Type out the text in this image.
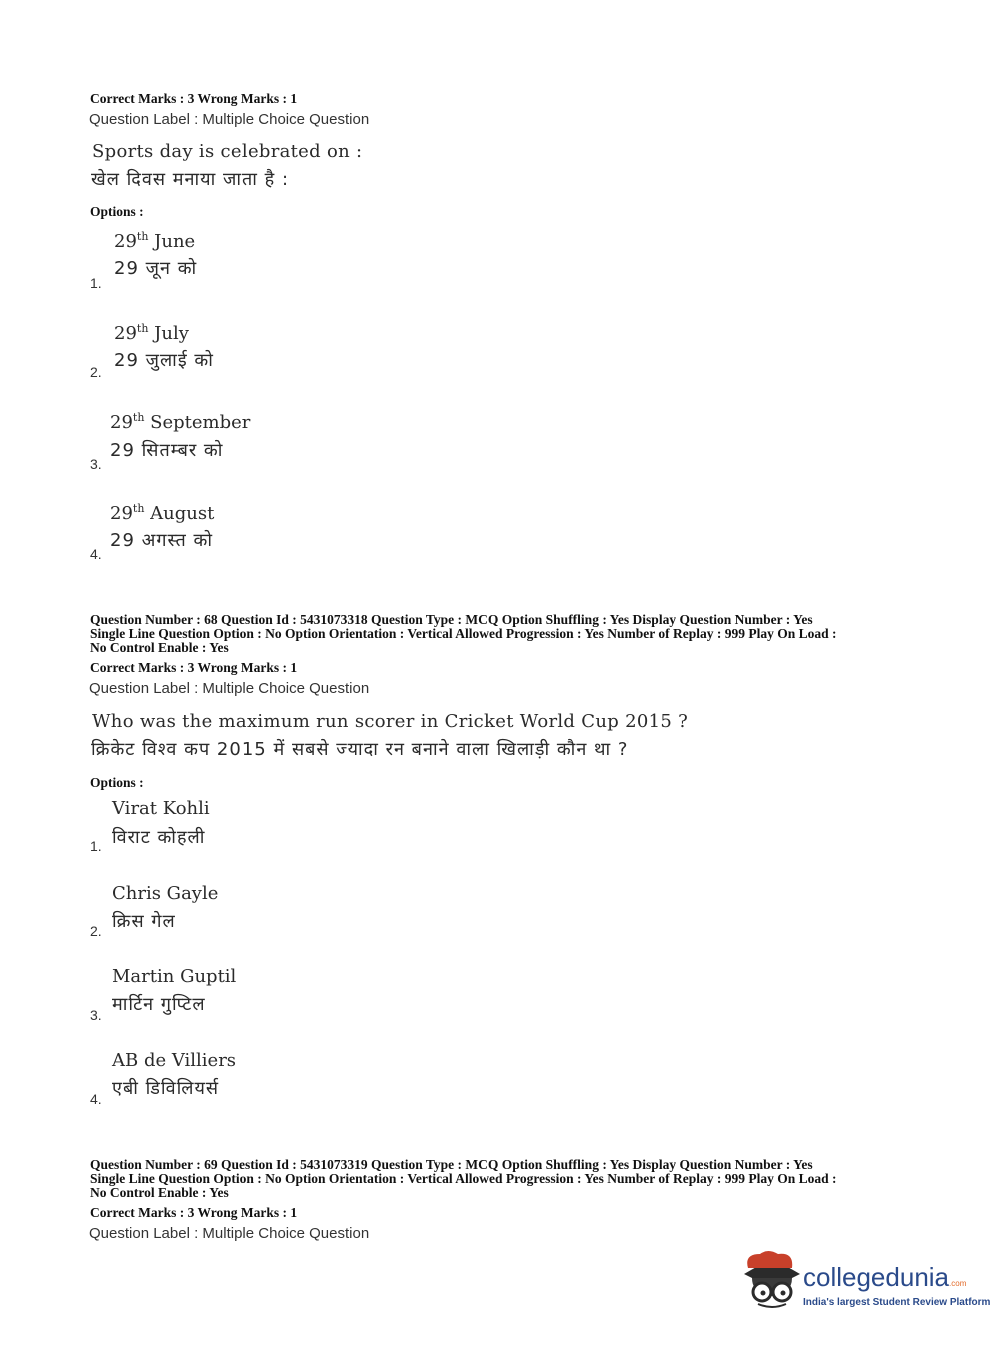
Correct Marks : 3 Wrong Marks : 1
Question Label : Multiple Choice Question
Sports day is celebrated on :
खेल दिवस मनाया जाता है :
Options :
29th June
29 जून को
1.
29th July
29 जुलाई को
2.
29th September
29 सितम्बर को
3.
29th August
29 अगस्त को
4.
Question Number : 68 Question Id : 5431073318 Question Type : MCQ Option Shuffling : Yes Display Question Number : Yes
Single Line Question Option : No Option Orientation : Vertical Allowed Progression : Yes Number of Replay : 999 Play On Load :
No Control Enable : Yes
Correct Marks : 3 Wrong Marks : 1
Question Label : Multiple Choice Question
Who was the maximum run scorer in Cricket World Cup 2015 ?
क्रिकेट विश्व कप 2015 में सबसे ज्यादा रन बनाने वाला खिलाड़ी कौन था ?
Options :
Virat Kohli
विराट कोहली
1.
Chris Gayle
क्रिस गेल
2.
Martin Guptil
मार्टिन गुप्टिल
3.
AB de Villiers
एबी डिविलियर्स
4.
Question Number : 69 Question Id : 5431073319 Question Type : MCQ Option Shuffling : Yes Display Question Number : Yes
Single Line Question Option : No Option Orientation : Vertical Allowed Progression : Yes Number of Replay : 999 Play On Load :
No Control Enable : Yes
Correct Marks : 3 Wrong Marks : 1
Question Label : Multiple Choice Question
collegedunia.com
India's largest Student Review Platform
